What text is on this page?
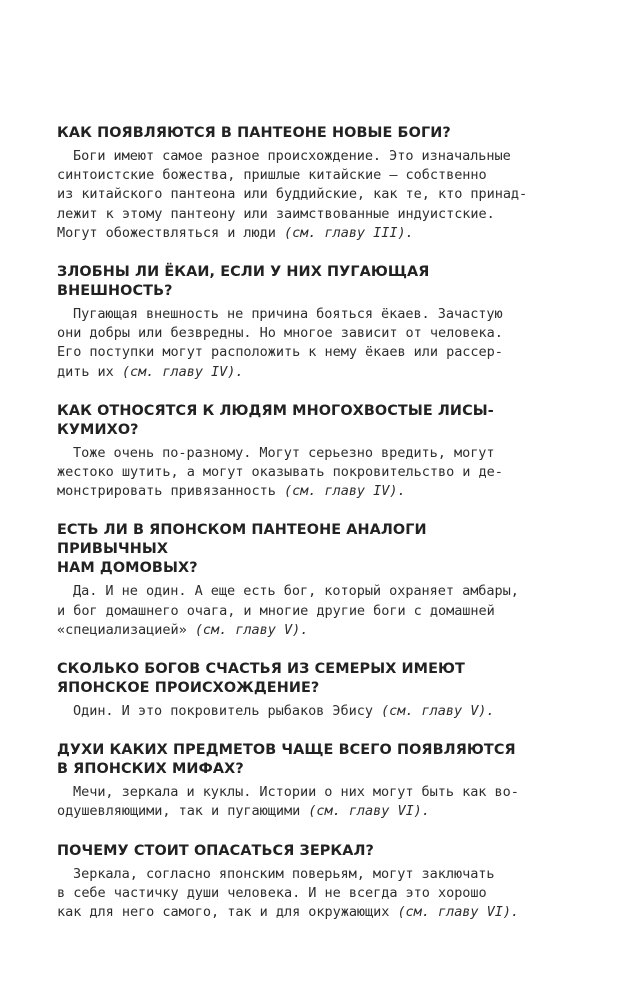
КАК ПОЯВЛЯЮТСЯ В ПАНТЕОНЕ НОВЫЕ БОГИ?
Боги имеют самое разное происхождение. Это изначальные
синтоистские божества, пришлые китайские — собственно
из китайского пантеона или буддийские, как те, кто принад-
лежит к этому пантеону или заимствованные индуистские.
Могут обожествляться и люди (см. главу III).
ЗЛОБНЫ ЛИ ЁКАИ, ЕСЛИ У НИХ ПУГАЮЩАЯ ВНЕШНОСТЬ?
Пугающая внешность не причина бояться ёкаев. Зачастую
они добры или безвредны. Но многое зависит от человека.
Его поступки могут расположить к нему ёкаев или рассер-
дить их (см. главу IV).
КАК ОТНОСЯТСЯ К ЛЮДЯМ МНОГОХВОСТЫЕ ЛИСЫ-
КУМИХО?
Тоже очень по-разному. Могут серьезно вредить, могут
жестоко шутить, а могут оказывать покровительство и де-
монстрировать привязанность (см. главу IV).
ЕСТЬ ЛИ В ЯПОНСКОМ ПАНТЕОНЕ АНАЛОГИ ПРИВЫЧНЫХ
НАМ ДОМОВЫХ?
Да. И не один. А еще есть бог, который охраняет амбары,
и бог домашнего очага, и многие другие боги с домашней
«специализацией» (см. главу V).
СКОЛЬКО БОГОВ СЧАСТЬЯ ИЗ СЕМЕРЫХ ИМЕЮТ
ЯПОНСКОЕ ПРОИСХОЖДЕНИЕ?
Один. И это покровитель рыбаков Эбису (см. главу V).
ДУХИ КАКИХ ПРЕДМЕТОВ ЧАЩЕ ВСЕГО ПОЯВЛЯЮТСЯ
В ЯПОНСКИХ МИФАХ?
Мечи, зеркала и куклы. Истории о них могут быть как во-
одушевляющими, так и пугающими (см. главу VI).
ПОЧЕМУ СТОИТ ОПАСАТЬСЯ ЗЕРКАЛ?
Зеркала, согласно японским поверьям, могут заключать
в себе частичку души человека. И не всегда это хорошо
как для него самого, так и для окружающих (см. главу VI).
